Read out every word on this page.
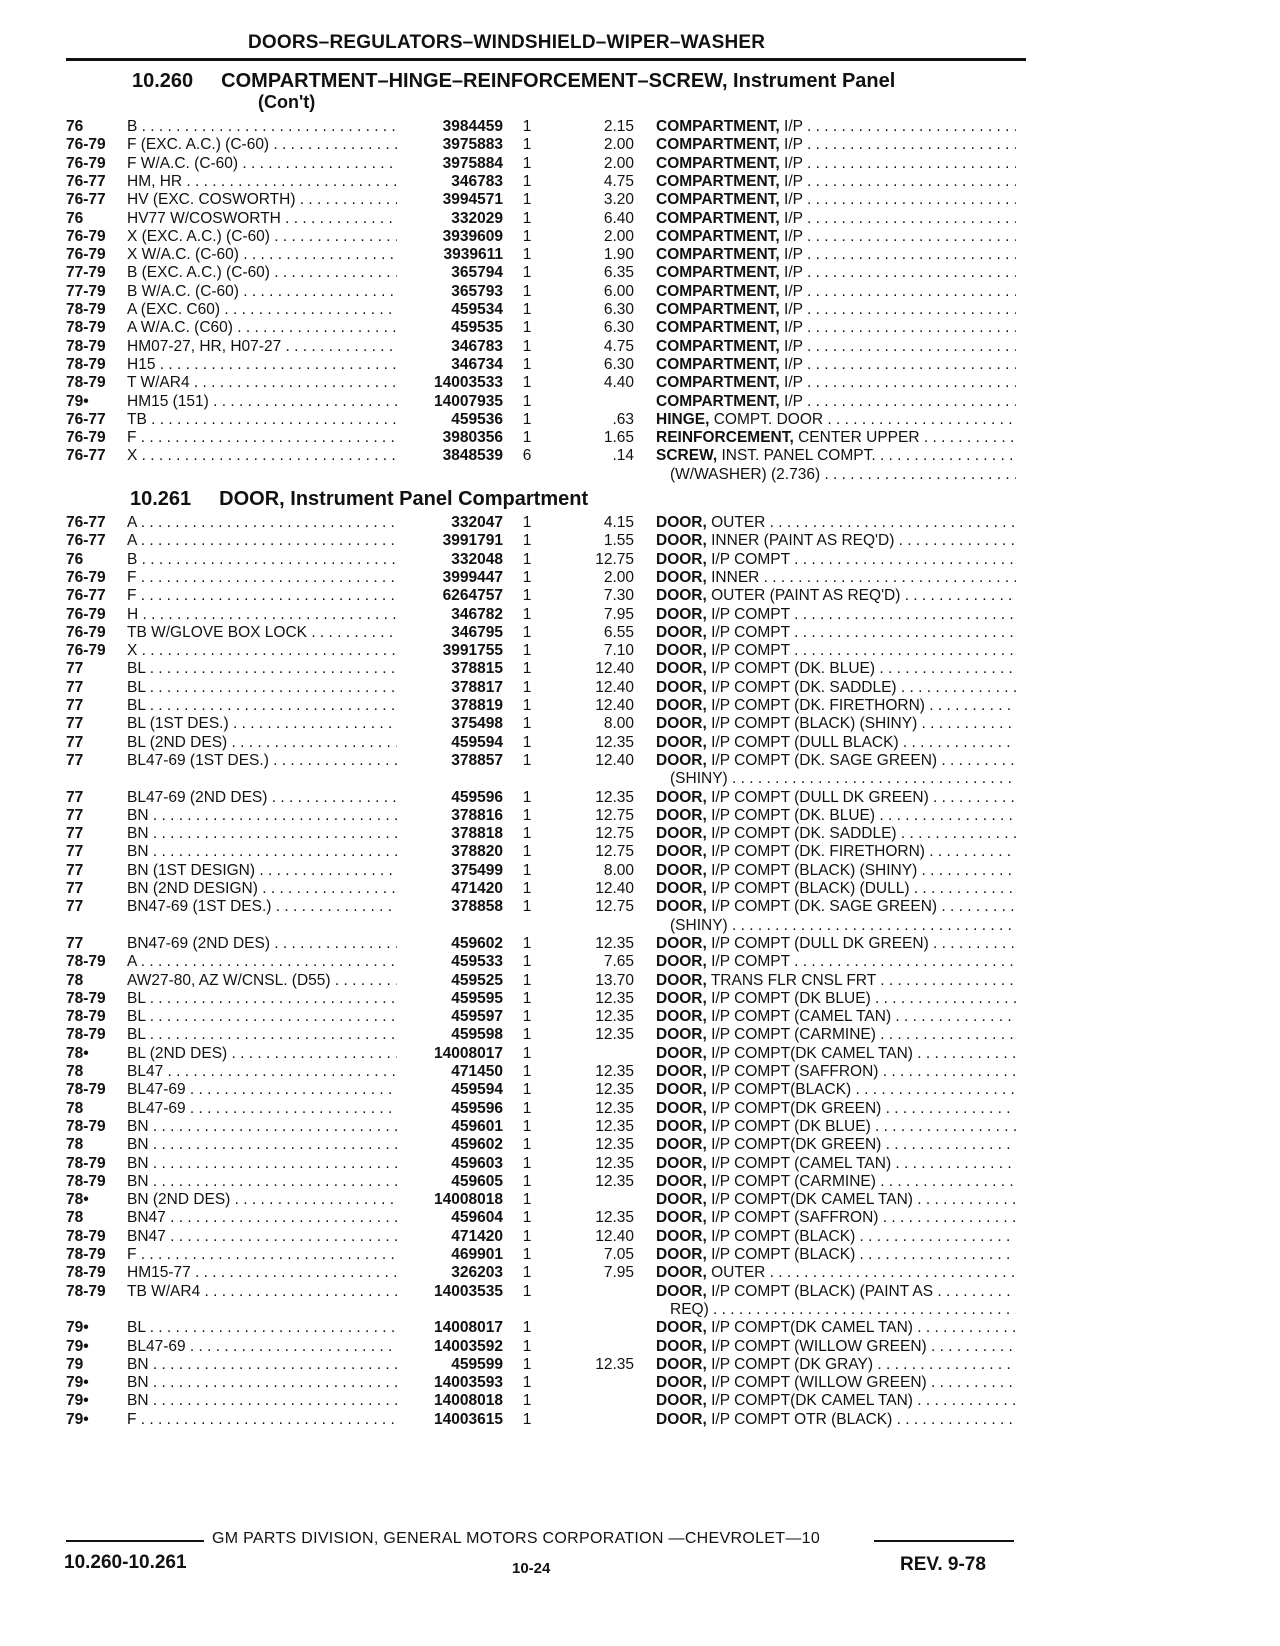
DOORS–REGULATORS–WINDSHIELD–WIPER–WASHER
10.260 COMPARTMENT–HINGE–REINFORCEMENT–SCREW, Instrument Panel
(Con't)
76	B . . .	3984459 1	2.15 COMPARTMENT, I/P . . .
76-79 F (EXC. A.C.) (C-60) . . .	3975883 1	2.00 COMPARTMENT, I/P . . .
76-79 F W/A.C. (C-60) . . .	3975884 1	2.00 COMPARTMENT, I/P . . .
76-77 HM, HR . . .	346783 1	4.75 COMPARTMENT, I/P . . .
76-77 HV (EXC. COSWORTH) . . .	3994571 1	3.20 COMPARTMENT, I/P . . .
76	HV77 W/COSWORTH . . .	332029 1	6.40 COMPARTMENT, I/P . . .
76-79 X (EXC. A.C.) (C-60) . . .	3939609 1	2.00 COMPARTMENT, I/P . . .
76-79 X W/A.C. (C-60) . . .	3939611 1	1.90 COMPARTMENT, I/P . . .
77-79 B (EXC. A.C.) (C-60) . . .	365794 1	6.35 COMPARTMENT, I/P . . .
77-79 B W/A.C. (C-60) . . .	365793 1	6.00 COMPARTMENT, I/P . . .
78-79 A (EXC. C60) . . .	459534 1	6.30 COMPARTMENT, I/P . . .
78-79 A W/A.C. (C60) . . .	459535 1	6.30 COMPARTMENT, I/P . . .
78-79 HM07-27, HR, H07-27 . . .	346783 1	4.75 COMPARTMENT, I/P . . .
78-79 H15 . . .	346734 1	6.30 COMPARTMENT, I/P . . .
78-79 T W/AR4 . . .	14003533 1	4.40 COMPARTMENT, I/P . . .
79• HM15 (151) . . .	14007935 1	COMPARTMENT, I/P . . .
76-77 TB . . .	459536 1	.63 HINGE, COMPT. DOOR . . .
76-79 F . . .	3980356 1	1.65 REINFORCEMENT, CENTER UPPER . . .
76-77 X . . .	3848539 6	.14 SCREW, INST. PANEL COMPT. . . .
(W/WASHER) (2.736) . . .
10.261 DOOR, Instrument Panel Compartment
76-77 A . . .	332047 1	4.15 DOOR, OUTER . . .
76-77 A . . .	3991791 1	1.55 DOOR, INNER (PAINT AS REQ'D) . . .
76	B . . .	332048 1	12.75 DOOR, I/P COMPT . . .
76-79 F . . .	3999447 1	2.00 DOOR, INNER . . .
76-77 F . . .	6264757 1	7.30 DOOR, OUTER (PAINT AS REQ'D) . . .
76-79 H . . .	346782 1	7.95 DOOR, I/P COMPT . . .
76-79 TB W/GLOVE BOX LOCK . . .	346795 1	6.55 DOOR, I/P COMPT . . .
76-79 X . . .	3991755 1	7.10 DOOR, I/P COMPT . . .
77	BL . . .	378815 1	12.40 DOOR, I/P COMPT (DK. BLUE) . . .
77	BL . . .	378817 1	12.40 DOOR, I/P COMPT (DK. SADDLE) . . .
77	BL . . .	378819 1	12.40 DOOR, I/P COMPT (DK. FIRETHORN) . . .
77	BL (1ST DES.) . . .	375498 1	8.00 DOOR, I/P COMPT (BLACK) (SHINY) . . .
77	BL (2ND DES) . . .	459594 1	12.35 DOOR, I/P COMPT (DULL BLACK) . . .
77	BL47-69 (1ST DES.) . . .	378857 1	12.40 DOOR, I/P COMPT (DK. SAGE GREEN) . . .
(SHINY) . . .
77	BL47-69 (2ND DES) . . .	459596 1	12.35 DOOR, I/P COMPT (DULL DK GREEN) . . .
77	BN . . .	378816 1	12.75 DOOR, I/P COMPT (DK. BLUE) . . .
77	BN . . .	378818 1	12.75 DOOR, I/P COMPT (DK. SADDLE) . . .
77	BN . . .	378820 1	12.75 DOOR, I/P COMPT (DK. FIRETHORN) . . .
77	BN (1ST DESIGN) . . .	375499 1	8.00 DOOR, I/P COMPT (BLACK) (SHINY) . . .
77	BN (2ND DESIGN) . . .	471420 1	12.40 DOOR, I/P COMPT (BLACK) (DULL) . . .
77	BN47-69 (1ST DES.) . . .	378858 1	12.75 DOOR, I/P COMPT (DK. SAGE GREEN) . . .
(SHINY) . . .
77	BN47-69 (2ND DES) . . .	459602 1	12.35 DOOR, I/P COMPT (DULL DK GREEN) . . .
78-79 A . . .	459533 1	7.65 DOOR, I/P COMPT . . .
78	AW27-80, AZ W/CNSL. (D55) . . .	459525 1	13.70 DOOR, TRANS FLR CNSL FRT . . .
78-79 BL . . .	459595 1	12.35 DOOR, I/P COMPT (DK BLUE) . . .
78-79 BL . . .	459597 1	12.35 DOOR, I/P COMPT (CAMEL TAN) . . .
78-79 BL . . .	459598 1	12.35 DOOR, I/P COMPT (CARMINE) . . .
78• BL (2ND DES) . . .	14008017 1	DOOR, I/P COMPT(DK CAMEL TAN) . . .
78	BL47 . . .	471450 1	12.35 DOOR, I/P COMPT (SAFFRON) . . .
78-79 BL47-69 . . .	459594 1	12.35 DOOR, I/P COMPT(BLACK) . . .
78	BL47-69 . . .	459596 1	12.35 DOOR, I/P COMPT(DK GREEN) . . .
78-79 BN . . .	459601 1	12.35 DOOR, I/P COMPT (DK BLUE) . . .
78	BN . . .	459602 1	12.35 DOOR, I/P COMPT(DK GREEN) . . .
78-79 BN . . .	459603 1	12.35 DOOR, I/P COMPT (CAMEL TAN) . . .
78-79 BN . . .	459605 1	12.35 DOOR, I/P COMPT (CARMINE) . . .
78• BN (2ND DES) . . .	14008018 1	DOOR, I/P COMPT(DK CAMEL TAN) . . .
78	BN47 . . .	459604 1	12.35 DOOR, I/P COMPT (SAFFRON) . . .
78-79 BN47 . . .	471420 1	12.40 DOOR, I/P COMPT (BLACK) . . .
78-79 F . . .	469901 1	7.05 DOOR, I/P COMPT (BLACK) . . .
78-79 HM15-77 . . .	326203 1	7.95 DOOR, OUTER . . .
78-79 TB W/AR4 . . .	14003535 1	DOOR, I/P COMPT (BLACK) (PAINT AS . . .
REQ) . . .
79• BL . . .	14008017 1	DOOR, I/P COMPT(DK CAMEL TAN) . . .
79• BL47-69 . . .	14003592 1	DOOR, I/P COMPT (WILLOW GREEN) . . .
79	BN . . .	459599 1	12.35 DOOR, I/P COMPT (DK GRAY) . . .
79• BN . . .	14003593 1	DOOR, I/P COMPT (WILLOW GREEN) . . .
79• BN . . .	14008018 1	DOOR, I/P COMPT(DK CAMEL TAN) . . .
79• F . . .	14003615 1	DOOR, I/P COMPT OTR (BLACK) . . .
GM PARTS DIVISION, GENERAL MOTORS CORPORATION —CHEVROLET—10
10.260-10.261	10-24	REV. 9-78
